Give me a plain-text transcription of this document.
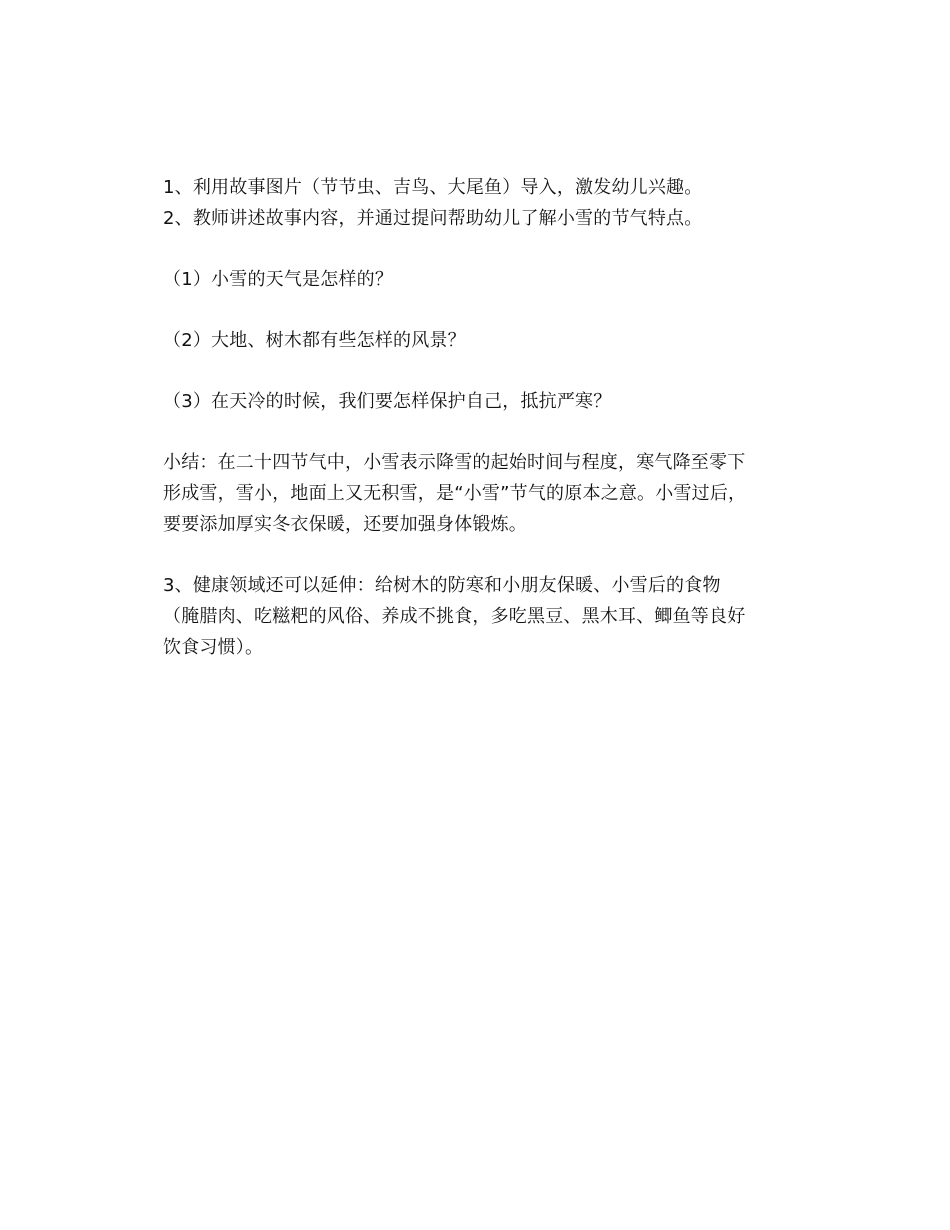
1、利用故事图片（节节虫、吉鸟、大尾鱼）导入，激发幼儿兴趣。
2、教师讲述故事内容，并通过提问帮助幼儿了解小雪的节气特点。
（1）小雪的天气是怎样的？
（2）大地、树木都有些怎样的风景？
（3）在天冷的时候，我们要怎样保护自己，抵抗严寒？
小结：在二十四节气中，小雪表示降雪的起始时间与程度，寒气降至零下
形成雪，雪小，地面上又无积雪，是“小雪”节气的原本之意。小雪过后，
要要添加厚实冬衣保暖，还要加强身体锻炼。
3、健康领域还可以延伸：给树木的防寒和小朋友保暖、小雪后的食物
（腌腊肉、吃糍粑的风俗、养成不挑食，多吃黑豆、黑木耳、鲫鱼等良好
饮食习惯）。
